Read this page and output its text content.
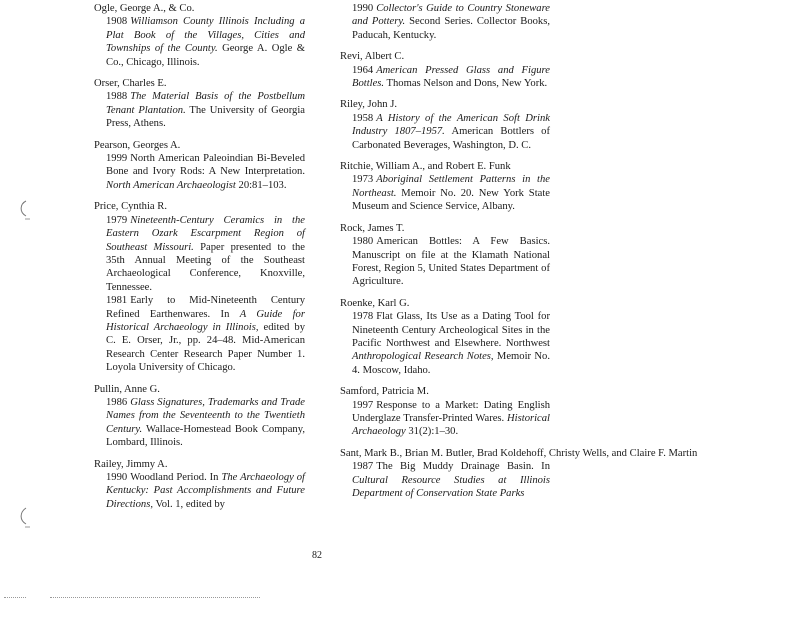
Ogle, George A., & Co.
1908 Williamson County Illinois Including a Plat Book of the Villages, Cities and Townships of the County. George A. Ogle & Co., Chicago, Illinois.
Orser, Charles E.
1988 The Material Basis of the Postbellum Tenant Plantation. The University of Georgia Press, Athens.
Pearson, Georges A.
1999 North American Paleoindian Bi-Beveled Bone and Ivory Rods: A New Interpretation. North American Archaeologist 20:81–103.
Price, Cynthia R.
1979 Nineteenth-Century Ceramics in the Eastern Ozark Escarpment Region of Southeast Missouri. Paper presented to the 35th Annual Meeting of the Southeast Archaeological Conference, Knoxville, Tennessee.
1981 Early to Mid-Nineteenth Century Refined Earthenwares. In A Guide for Historical Archaeology in Illinois, edited by C. E. Orser, Jr., pp. 24–48. Mid-American Research Center Research Paper Number 1. Loyola University of Chicago.
Pullin, Anne G.
1986 Glass Signatures, Trademarks and Trade Names from the Seventeenth to the Twentieth Century. Wallace-Homestead Book Company, Lombard, Illinois.
Railey, Jimmy A.
1990 Woodland Period. In The Archaeology of Kentucky: Past Accomplishments and Future Directions, Vol. 1, edited by
1990 Collector's Guide to Country Stoneware and Pottery. Second Series. Collector Books, Paducah, Kentucky.
Revi, Albert C.
1964 American Pressed Glass and Figure Bottles. Thomas Nelson and Dons, New York.
Riley, John J.
1958 A History of the American Soft Drink Industry 1807–1957. American Bottlers of Carbonated Beverages, Washington, D. C.
Ritchie, William A., and Robert E. Funk
1973 Aboriginal Settlement Patterns in the Northeast. Memoir No. 20. New York State Museum and Science Service, Albany.
Rock, James T.
1980 American Bottles: A Few Basics. Manuscript on file at the Klamath National Forest, Region 5, United States Department of Agriculture.
Roenke, Karl G.
1978 Flat Glass, Its Use as a Dating Tool for Nineteenth Century Archeological Sites in the Pacific Northwest and Elsewhere. Northwest Anthropological Research Notes, Memoir No. 4. Moscow, Idaho.
Samford, Patricia M.
1997 Response to a Market: Dating English Underglaze Transfer-Printed Wares. Historical Archaeology 31(2):1–30.
Sant, Mark B., Brian M. Butler, Brad Koldehoff, Christy Wells, and Claire F. Martin
1987 The Big Muddy Drainage Basin. In Cultural Resource Studies at Illinois Department of Conservation State Parks
82
